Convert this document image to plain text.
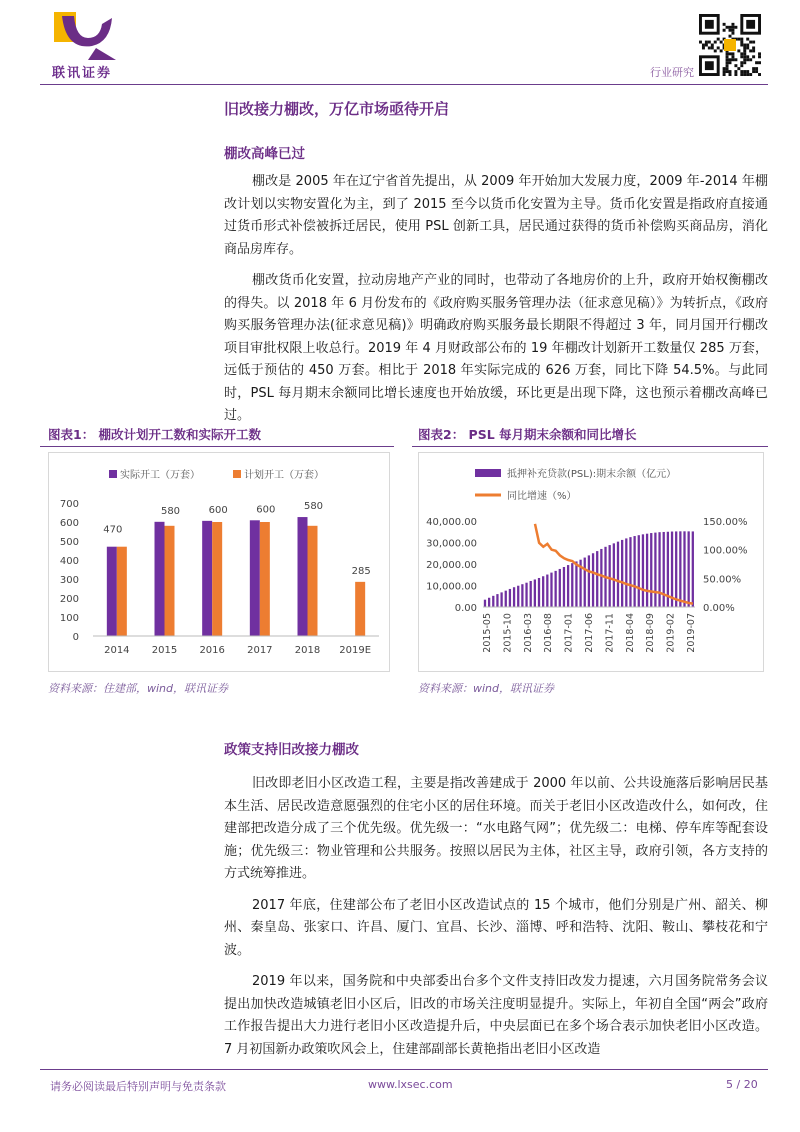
联讯证券	行业研究
旧改接力棚改，万亿市场亟待开启
棚改高峰已过

棚改是 2005 年在辽宁省首先提出，从 2009 年开始加大发展力度，2009 年-2014 年棚改计划以实物安置化为主，到了 2015 至今以货币化安置为主导。货币化安置是指政府直接通过货币形式补偿被拆迁居民，使用 PSL 创新工具，居民通过获得的货币补偿购买商品房，消化商品房库存。

棚改货币化安置，拉动房地产产业的同时，也带动了各地房价的上升，政府开始权衡棚改的得失。以 2018 年 6 月份发布的《政府购买服务管理办法（征求意见稿）》为转折点，《政府购买服务管理办法(征求意见稿)》明确政府购买服务最长期限不得超过 3 年，同月国开行棚改项目审批权限上收总行。2019 年 4 月财政部公布的 19 年棚改计划新开工数量仅 285 万套，远低于预估的 450 万套。相比于 2018 年实际完成的 626 万套，同比下降 54.5%。与此同时，PSL 每月期末余额同比增长速度也开始放缓，环比更是出现下降，这也预示着棚改高峰已过。

图表1： 棚改计划开工数和实际开工数
实际开工（万套）	计划开工（万套）
700
600
500
400
300
200
100
0
470
2014
580
2015
600
2016
600
2017
580
2018
285
2019E
资料来源：住建部，wind，联讯证券
图表2： PSL 每月期末余额和同比增长
抵押补充贷款(PSL):期末余额（亿元）
同比增速（%）
40,000.00
30,000.00
20,000.00
10,000.00
0.00
150.00%
100.00%
50.00%
0.00%
2015-05 2015-10 2016-03 2016-08 2017-01 2017-06 2017-11 2018-04 2018-09 2019-02 2019-07
资料来源：wind，联讯证券
政策支持旧改接力棚改

旧改即老旧小区改造工程，主要是指改善建成于 2000 年以前、公共设施落后影响居民基本生活、居民改造意愿强烈的住宅小区的居住环境。而关于老旧小区改造改什么，如何改，住建部把改造分成了三个优先级。优先级一：“水电路气网”；优先级二：电梯、停车库等配套设施；优先级三：物业管理和公共服务。按照以居民为主体，社区主导，政府引领，各方支持的方式统筹推进。

2017 年底，住建部公布了老旧小区改造试点的 15 个城市，他们分别是广州、韶关、柳州、秦皇岛、张家口、许昌、厦门、宜昌、长沙、淄博、呼和浩特、沈阳、鞍山、攀枝花和宁波。

2019 年以来，国务院和中央部委出台多个文件支持旧改发力提速，六月国务院常务会议提出加快改造城镇老旧小区后，旧改的市场关注度明显提升。实际上，年初自全国“两会”政府工作报告提出大力进行老旧小区改造提升后，中央层面已在多个场合表示加快老旧小区改造。 7 月初国新办政策吹风会上，住建部副部长黄艳指出老旧小区改造

请务必阅读最后特别声明与免责条款	www.lxsec.com	5 / 20
